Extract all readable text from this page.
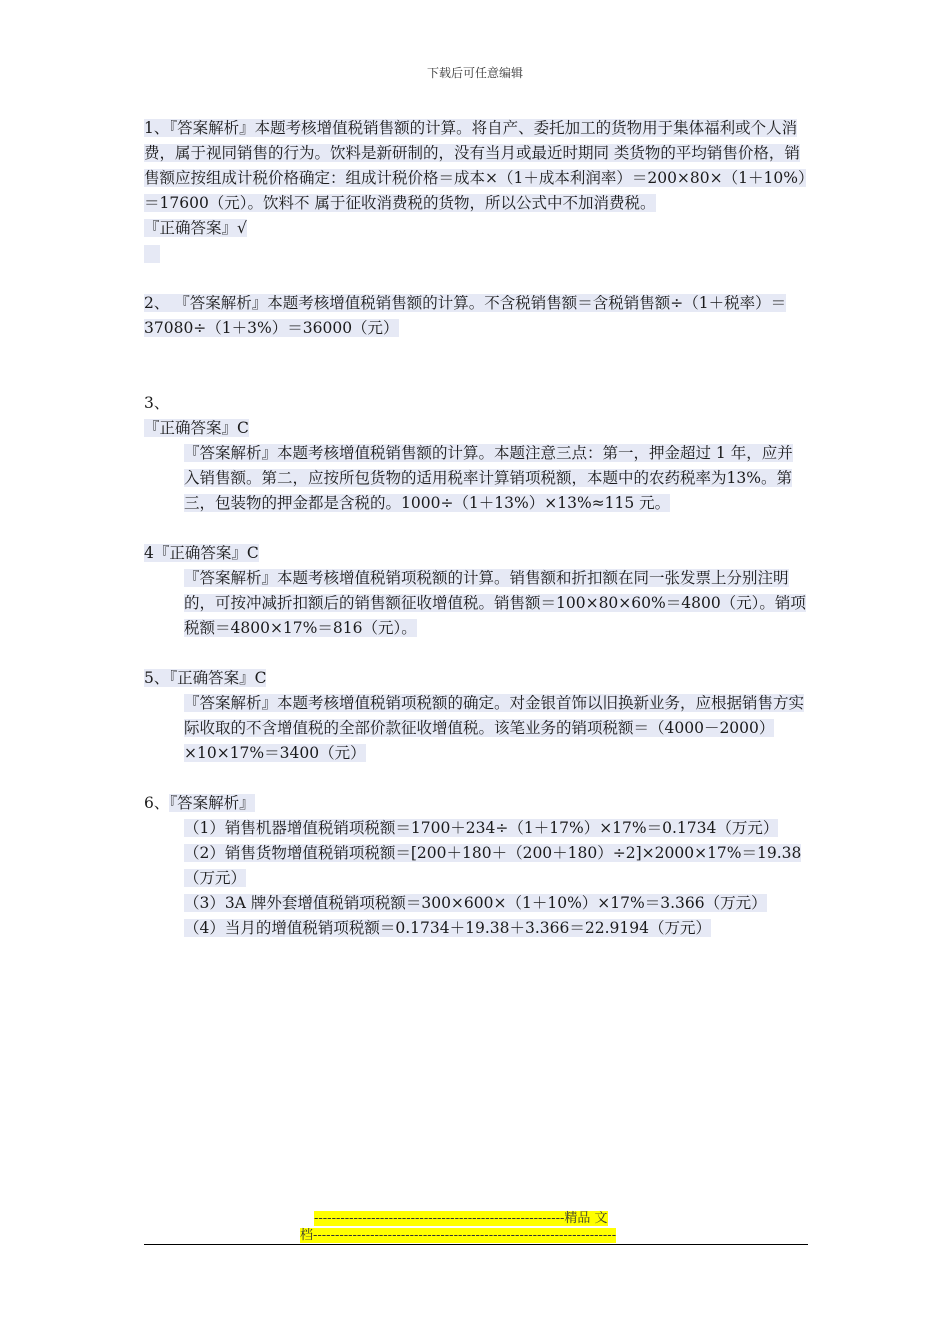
下载后可任意编辑

1、『答案解析』本题考核增值税销售额的计算。将自产、委托加工的货物用于集体福利或个人消费，属于视同销售的行为。饮料是新研制的，没有当月或最近时期同 类货物的平均销售价格，销售额应按组成计税价格确定：组成计税价格＝成本×（1＋成本利润率）＝200×80×（1＋10%）＝17600（元）。饮料不 属于征收消费税的货物，所以公式中不加消费税。

『正确答案』√

2、 『答案解析』本题考核增值税销售额的计算。不含税销售额＝含税销售额÷（1＋税率）＝37080÷（1＋3%）＝36000（元）

3、

『正确答案』C

『答案解析』本题考核增值税销售额的计算。本题注意三点：第一，押金超过 1 年，应并入销售额。第二，应按所包货物的适用税率计算销项税额，本题中的农药税率为13%。第三，包装物的押金都是含税的。1000÷（1＋13%）×13%≈115 元。

4『正确答案』C

『答案解析』本题考核增值税销项税额的计算。销售额和折扣额在同一张发票上分别注明的，可按冲减折扣额后的销售额征收增值税。销售额＝100×80×60%＝4800（元）。销项税额＝4800×17%＝816（元）。

5、『正确答案』C

『答案解析』本题考核增值税销项税额的确定。对金银首饰以旧换新业务，应根据销售方实际收取的不含增值税的全部价款征收增值税。该笔业务的销项税额＝（4000－2000）×10×17%＝3400（元）

6、『答案解析』

（1）销售机器增值税销项税额＝1700＋234÷（1＋17%）×17%＝0.1734（万元）

（2）销售货物增值税销项税额＝[200＋180＋（200＋180）÷2]×2000×17%＝19.38（万元）

（3）3A 牌外套增值税销项税额＝300×600×（1＋10%）×17%＝3.366（万元）

（4）当月的增值税销项税额＝0.1734＋19.38＋3.366＝22.9194（万元）

---------------------------------------------------------精品 文
档---------------------------------------------------------------------
